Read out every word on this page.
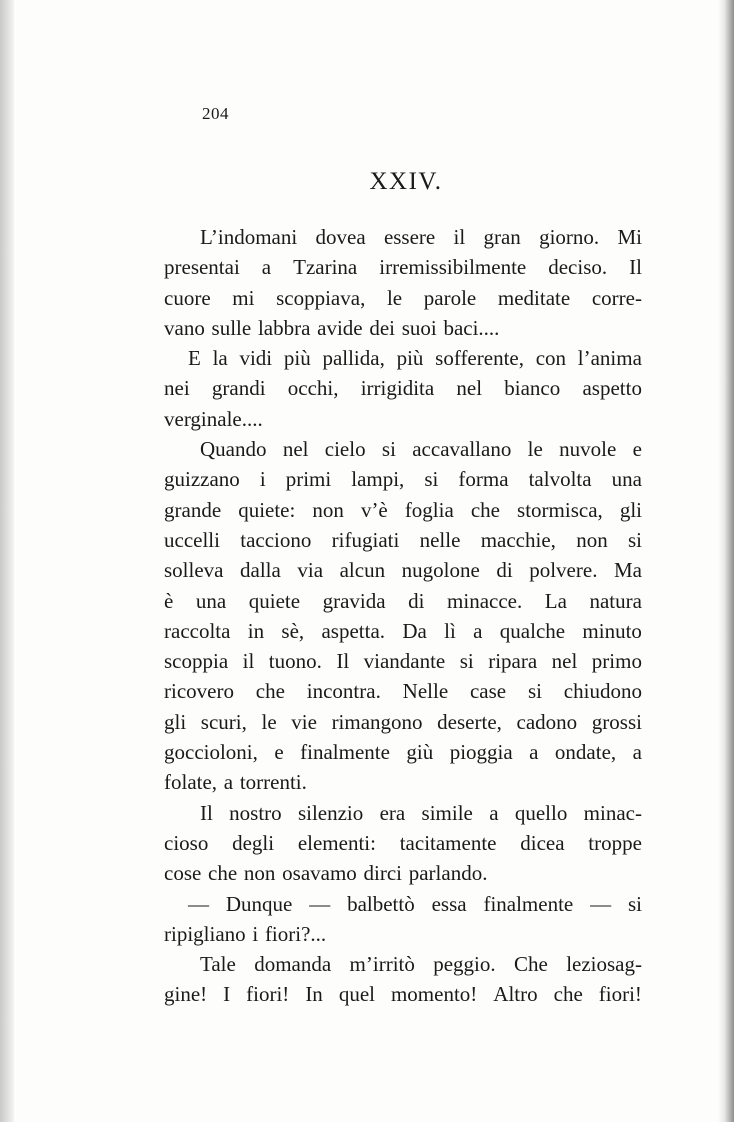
204
XXIV.
L’indomani dovea essere il gran giorno. Mi
presentai a Tzarina irremissibilmente deciso. Il
cuore mi scoppiava, le parole meditate corre-
vano sulle labbra avide dei suoi baci....
E la vidi più pallida, più sofferente, con l’anima
nei grandi occhi, irrigidita nel bianco aspetto
verginale....
Quando nel cielo si accavallano le nuvole e
guizzano i primi lampi, si forma talvolta una
grande quiete: non v’è foglia che stormisca, gli
uccelli tacciono rifugiati nelle macchie, non si
solleva dalla via alcun nugolone di polvere. Ma
è una quiete gravida di minacce. La natura
raccolta in sè, aspetta. Da lì a qualche minuto
scoppia il tuono. Il viandante si ripara nel primo
ricovero che incontra. Nelle case si chiudono
gli scuri, le vie rimangono deserte, cadono grossi
goccioloni, e finalmente giù pioggia a ondate, a
folate, a torrenti.
Il nostro silenzio era simile a quello minac-
cioso degli elementi: tacitamente dicea troppe
cose che non osavamo dirci parlando.
— Dunque — balbettò essa finalmente — si
ripigliano i fiori?...
Tale domanda m’irritò peggio. Che leziosag-
gine! I fiori! In quel momento! Altro che fiori!
